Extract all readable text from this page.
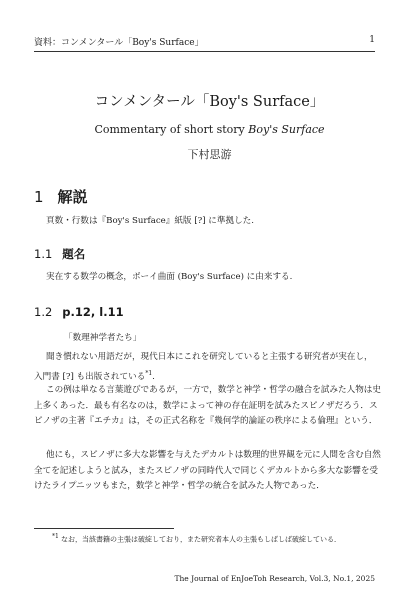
資料：コンメンタール「Boy's Surface」	1
コンメンタール「Boy's Surface」
Commentary of short story Boy's Surface
下村思游
1 解説
頁数・行数は『Boy's Surface』紙版 [?] に準拠した.
1.1 題名
実在する数学の概念，ボーイ曲面 (Boy's Surface) に由来する.
1.2 p.12, l.11
「数理神学者たち」
聞き慣れない用語だが，現代日本にこれを研究していると主張する研究者が実在し，入門書 [?] も出版されている$^{*1}$.
この例は単なる言葉遊びであるが，一方で，数学と神学・哲学の融合を試みた人物は史上多くあった．最も有名なのは，数学によって神の存在証明を試みたスピノザだろう．スピノザの主著『エチカ』は，その正式名称を『幾何学的論証の秩序による倫理』という．
他にも，スピノザに多大な影響を与えたデカルトは数理的世界観を元に人間を含む自然全てを記述しようと試み，またスピノザの同時代人で同じくデカルトから多大な影響を受けたライプニッツもまた，数学と神学・哲学の統合を試みた人物であった．
$^{*1}$ なお，当該書籍の主張は破綻しており，また研究者本人の主張もしばしば破綻している．
The Journal of EnJoeToh Research, Vol.3, No.1, 2025
